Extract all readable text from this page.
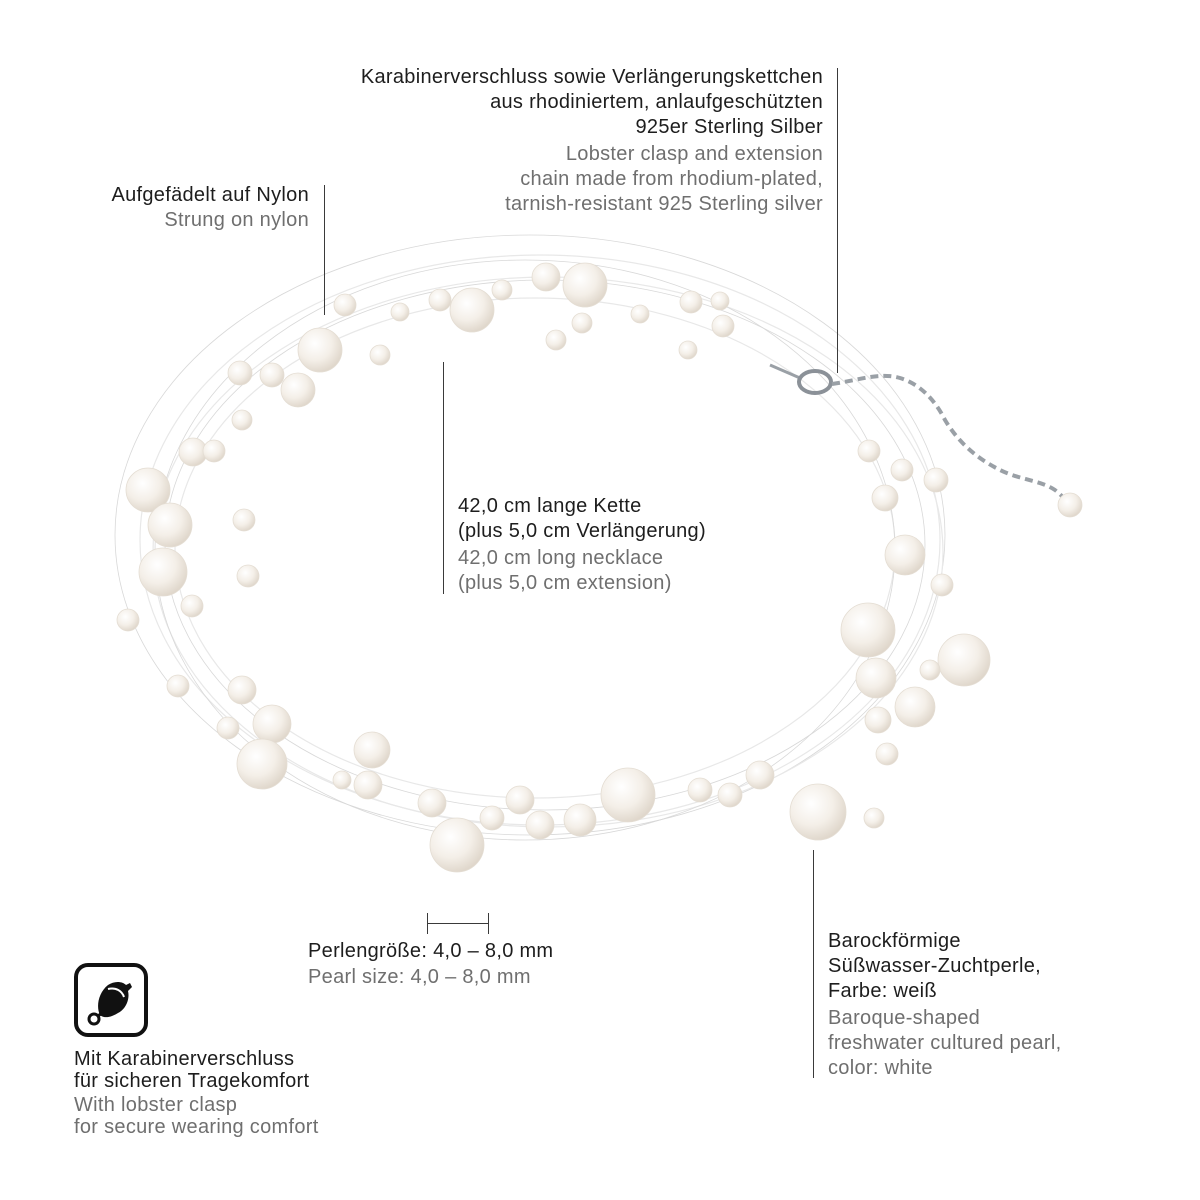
Karabinerverschluss sowie Verlängerungskettchen
aus rhodiniertem, anlaufgeschützten
925er Sterling Silber
Lobster clasp and extension
chain made from rhodium-plated,
tarnish-resistant 925 Sterling silver
Aufgefädelt auf Nylon
Strung on nylon
42,0 cm lange Kette
(plus 5,0 cm Verlängerung)
42,0 cm long necklace
(plus 5,0 cm extension)
Perlengröße: 4,0 – 8,0 mm
Pearl size: 4,0 – 8,0 mm
Barockförmige
Süßwasser-Zuchtperle,
Farbe: weiß
Baroque-shaped
freshwater cultured pearl,
color: white
Mit Karabinerverschluss
für sicheren Tragekomfort
With lobster clasp
for secure wearing comfort
